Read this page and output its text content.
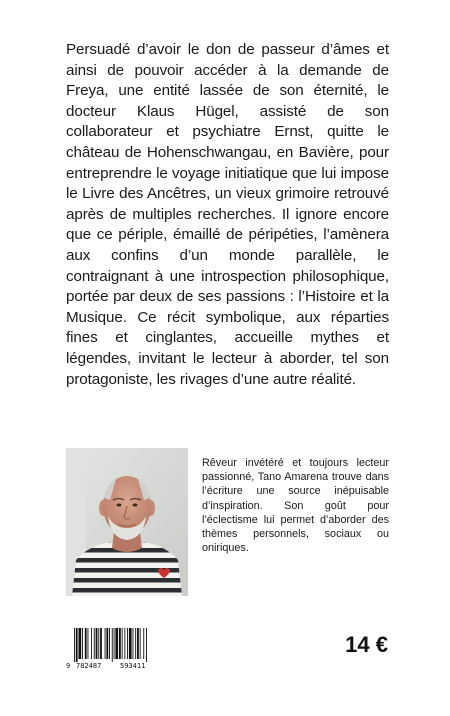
Persuadé d’avoir le don de passeur d’âmes et ainsi de pouvoir accéder à la demande de Freya, une entité lassée de son éternité, le docteur Klaus Hügel, assisté de son collaborateur et psychiatre Ernst, quitte le château de Hohenschwangau, en Bavière, pour entreprendre le voyage initiatique que lui impose le Livre des Ancêtres, un vieux grimoire retrouvé après de multiples recherches. Il ignore encore que ce périple, émaillé de péripéties, l’amènera aux confins d’un monde parallèle, le contraignant à une introspection philosophique, portée par deux de ses passions : l’Histoire et la Musique. Ce récit symbolique, aux réparties fines et cinglantes, accueille mythes et légendes, invitant le lecteur à aborder, tel son protagoniste, les rivages d’une autre réalité.

Rêveur invétéré et toujours lecteur passionné, Tano Amarena trouve dans l’écriture une source inépuisable d’inspiration. Son goût pour l’éclectisme lui permet d’aborder des thèmes personnels, sociaux ou oniriques.

9 782487	593411
14 €
